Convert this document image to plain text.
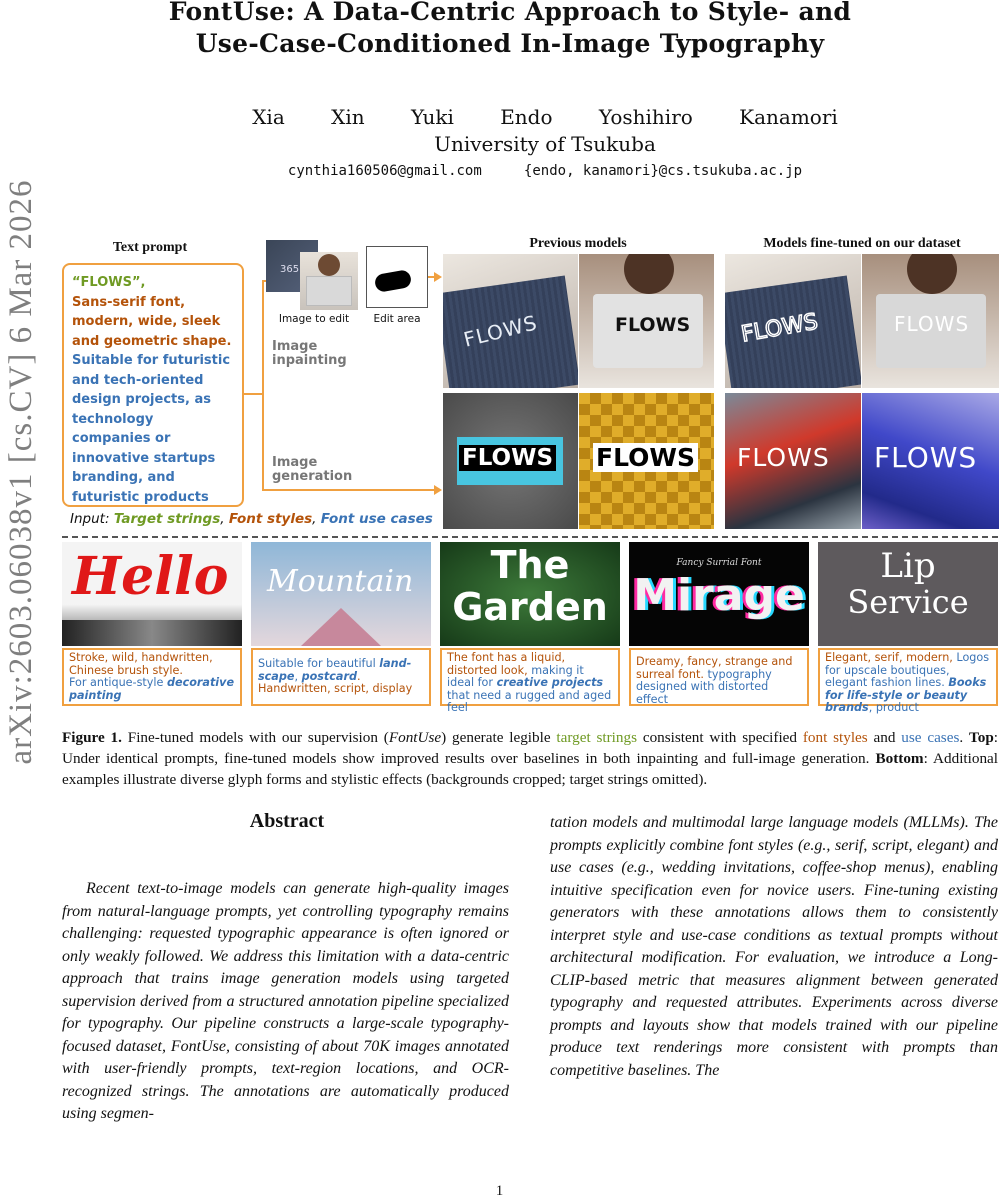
arXiv:2603.06038v1 [cs.CV] 6 Mar 2026
FontUse: A Data-Centric Approach to Style- and
Use-Case-Conditioned In-Image Typography
Xia Xin Yuki Endo Yoshihiro Kanamori
University of Tsukuba
cynthia160506@gmail.com     {endo, kanamori}@cs.tsukuba.ac.jp
Text prompt	Previous models	Models fine-tuned on our dataset
“FLOWS”,
Sans-serif font, modern, wide, sleek and geometric shape.
Suitable for futuristic and tech-oriented design projects, as technology companies or innovative startups branding, and futuristic products
Input: Target strings, Font styles, Font use cases
365
Image to edit	Edit area
Image inpainting
Image generation
FLOWS	FLOWS FLOWS	FLOWS
FLOWS FLOWS FLOWS FLOWS
Hello Mountain	The
Garden
Fancy Surrial Font
Mirage
Lip
Service
Stroke, wild, handwritten, Chinese brush style.
For antique-style decorative painting
Suitable for beautiful land-scape, postcard. Handwritten, script, display
The font has a liquid, distorted look, making it ideal for creative projects that need a rugged and aged feel
Dreamy, fancy, strange and surreal font. typography designed with distorted effect
Elegant, serif, modern, Logos for upscale boutiques, elegant fashion lines. Books for life-style or beauty brands, product
Figure 1. Fine-tuned models with our supervision (FontUse) generate legible target strings consistent with specified font styles and use cases. Top: Under identical prompts, fine-tuned models show improved results over baselines in both inpainting and full-image generation. Bottom: Additional examples illustrate diverse glyph forms and stylistic effects (backgrounds cropped; target strings omitted).
Abstract
Recent text-to-image models can generate high-quality images from natural-language prompts, yet controlling typography remains challenging: requested typographic appearance is often ignored or only weakly followed. We address this limitation with a data-centric approach that trains image generation models using targeted supervision derived from a structured annotation pipeline specialized for typography. Our pipeline constructs a large-scale typography-focused dataset, FontUse, consisting of about 70K images annotated with user-friendly prompts, text-region locations, and OCR-recognized strings. The annotations are automatically produced using segmen-
tation models and multimodal large language models (MLLMs). The prompts explicitly combine font styles (e.g., serif, script, elegant) and use cases (e.g., wedding invitations, coffee-shop menus), enabling intuitive specification even for novice users. Fine-tuning existing generators with these annotations allows them to consistently interpret style and use-case conditions as textual prompts without architectural modification. For evaluation, we introduce a Long-CLIP-based metric that measures alignment between generated typography and requested attributes. Experiments across diverse prompts and layouts show that models trained with our pipeline produce text renderings more consistent with prompts than competitive baselines. The
1
